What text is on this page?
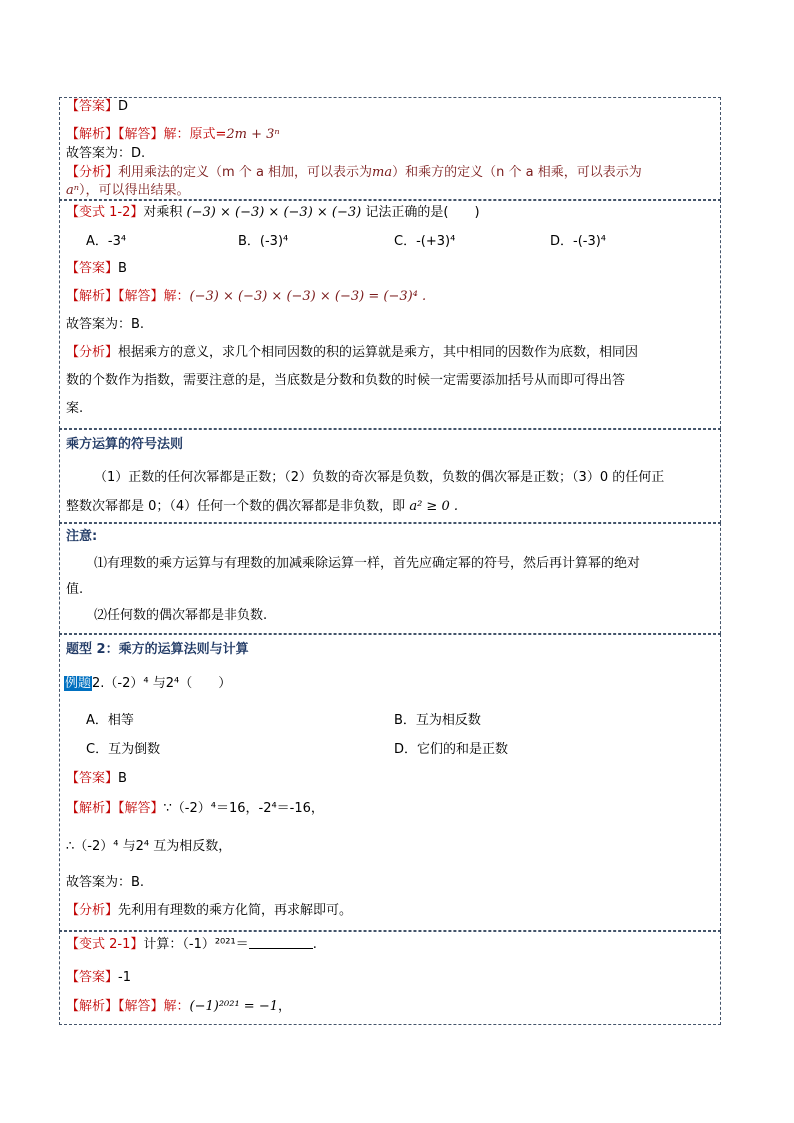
【答案】D
【解析】【解答】解：原式=2m + 3ⁿ
故答案为：D.
【分析】利用乘法的定义（m 个 a 相加，可以表示为ma）和乘方的定义（n 个 a 相乘，可以表示为
aⁿ），可以得出结果。
【变式 1-2】对乘积 (−3) × (−3) × (−3) × (−3) 记法正确的是(　　)
A．-3⁴	B．(-3)⁴	C．-(+3)⁴	D．-(-3)⁴
【答案】B
【解析】【解答】解：(−3) × (−3) × (−3) × (−3) = (−3)⁴ .
故答案为：B.
【分析】根据乘方的意义，求几个相同因数的积的运算就是乘方，其中相同的因数作为底数，相同因
数的个数作为指数，需要注意的是，当底数是分数和负数的时候一定需要添加括号从而即可得出答
案.
乘方运算的符号法则
（1）正数的任何次幂都是正数；（2）负数的奇次幂是负数，负数的偶次幂是正数；（3）0 的任何正
整数次幂都是 0；（4）任何一个数的偶次幂都是非负数，即 a² ≥ 0 .
注意:
⑴有理数的乘方运算与有理数的加减乘除运算一样，首先应确定幂的符号，然后再计算幂的绝对
值.
⑵任何数的偶次幂都是非负数.
题型 2：乘方的运算法则与计算
例题2.（-2）⁴ 与2⁴（　　）
A．相等	B．互为相反数
C．互为倒数	D．它们的和是正数
【答案】B
【解析】【解答】∵（-2）⁴＝16，-2⁴＝-16，
∴（-2）⁴ 与2⁴ 互为相反数，
故答案为：B.
【分析】先利用有理数的乘方化简，再求解即可。
【变式 2-1】计算：（-1）²⁰²¹＝	.
【答案】-1
【解析】【解答】解：(−1)²⁰²¹ = −1，
